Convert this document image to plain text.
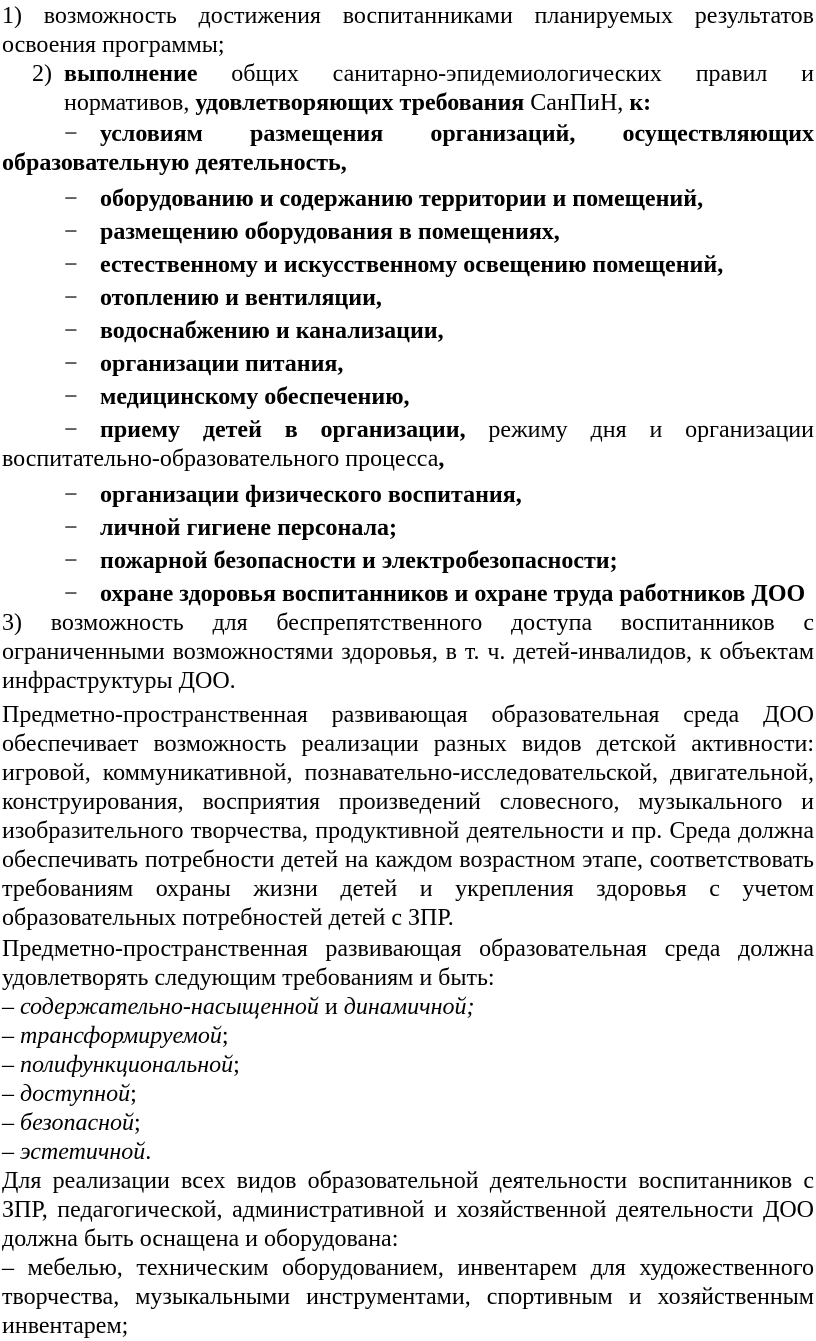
1) возможность достижения воспитанниками планируемых результатов освоения программы;

2) выполнение общих санитарно-эпидемиологических правил и нормативов, удовлетворяющих требования СанПиН, к:

− условиям размещения организаций, осуществляющих образовательную деятельность,

− оборудованию и содержанию территории и помещений,

− размещению оборудования в помещениях,

− естественному и искусственному освещению помещений,

− отоплению и вентиляции,

− водоснабжению и канализации,

− организации питания,

− медицинскому обеспечению,

− приему детей в организации, режиму дня и организации воспитательно-образовательного процесса,

− организации физического воспитания,

− личной гигиене персонала;

− пожарной безопасности и электробезопасности;

− охране здоровья воспитанников и охране труда работников ДОО

3) возможность для беспрепятственного доступа воспитанников с ограниченными возможностями здоровья, в т. ч. детей-инвалидов, к объектам инфраструктуры ДОО.

Предметно-пространственная развивающая образовательная среда ДОО обеспечивает возможность реализации разных видов детской активности: игровой, коммуникативной, познавательно-исследовательской, двигательной, конструирования, восприятия произведений словесного, музыкального и изобразительного творчества, продуктивной деятельности и пр. Среда должна обеспечивать потребности детей на каждом возрастном этапе, соответствовать требованиям охраны жизни детей и укрепления здоровья с учетом образовательных потребностей детей с ЗПР.

Предметно-пространственная развивающая образовательная среда должна удовлетворять следующим требованиям и быть:

– содержательно-насыщенной и динамичной;

– трансформируемой;

– полифункциональной;

– доступной;

– безопасной;

– эстетичной.

Для реализации всех видов образовательной деятельности воспитанников с ЗПР, педагогической, административной и хозяйственной деятельности ДОО должна быть оснащена и оборудована:

– мебелью, техническим оборудованием, инвентарем для художественного творчества, музыкальными инструментами, спортивным и хозяйственным инвентарем;
